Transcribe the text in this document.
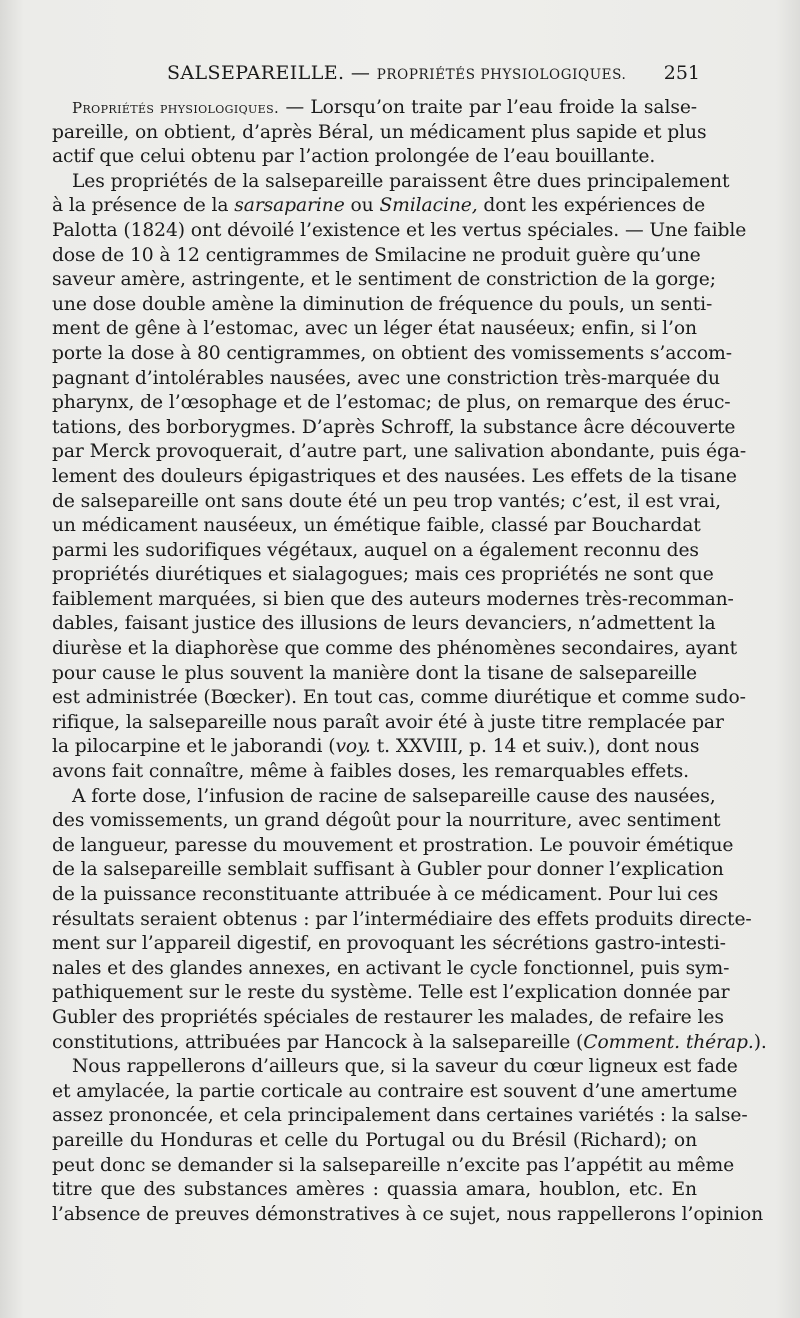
SALSEPAREILLE. — PROPRIÉTÉS PHYSIOLOGIQUES. 251
Propriétés physiologiques. — Lorsqu’on traite par l’eau froide la salse-
pareille, on obtient, d’après Béral, un médicament plus sapide et plus
actif que celui obtenu par l’action prolongée de l’eau bouillante.
Les propriétés de la salsepareille paraissent être dues principalement
à la présence de la sarsaparine ou Smilacine, dont les expériences de
Palotta (1824) ont dévoilé l’existence et les vertus spéciales. — Une faible
dose de 10 à 12 centigrammes de Smilacine ne produit guère qu’une
saveur amère, astringente, et le sentiment de constriction de la gorge;
une dose double amène la diminution de fréquence du pouls, un senti-
ment de gêne à l’estomac, avec un léger état nauséeux; enfin, si l’on
porte la dose à 80 centigrammes, on obtient des vomissements s’accom-
pagnant d’intolérables nausées, avec une constriction très-marquée du
pharynx, de l’œsophage et de l’estomac; de plus, on remarque des éruc-
tations, des borborygmes. D’après Schroff, la substance âcre découverte
par Merck provoquerait, d’autre part, une salivation abondante, puis éga-
lement des douleurs épigastriques et des nausées. Les effets de la tisane
de salsepareille ont sans doute été un peu trop vantés; c’est, il est vrai,
un médicament nauséeux, un émétique faible, classé par Bouchardat
parmi les sudorifiques végétaux, auquel on a également reconnu des
propriétés diurétiques et sialagogues; mais ces propriétés ne sont que
faiblement marquées, si bien que des auteurs modernes très-recomman-
dables, faisant justice des illusions de leurs devanciers, n’admettent la
diurèse et la diaphorèse que comme des phénomènes secondaires, ayant
pour cause le plus souvent la manière dont la tisane de salsepareille
est administrée (Bœcker). En tout cas, comme diurétique et comme sudo-
rifique, la salsepareille nous paraît avoir été à juste titre remplacée par
la pilocarpine et le jaborandi (voy. t. XXVIII, p. 14 et suiv.), dont nous
avons fait connaître, même à faibles doses, les remarquables effets.
A forte dose, l’infusion de racine de salsepareille cause des nausées,
des vomissements, un grand dégoût pour la nourriture, avec sentiment
de langueur, paresse du mouvement et prostration. Le pouvoir émétique
de la salsepareille semblait suffisant à Gubler pour donner l’explication
de la puissance reconstituante attribuée à ce médicament. Pour lui ces
résultats seraient obtenus : par l’intermédiaire des effets produits directe-
ment sur l’appareil digestif, en provoquant les sécrétions gastro-intesti-
nales et des glandes annexes, en activant le cycle fonctionnel, puis sym-
pathiquement sur le reste du système. Telle est l’explication donnée par
Gubler des propriétés spéciales de restaurer les malades, de refaire les
constitutions, attribuées par Hancock à la salsepareille (Comment. thérap.).
Nous rappellerons d’ailleurs que, si la saveur du cœur ligneux est fade
et amylacée, la partie corticale au contraire est souvent d’une amertume
assez prononcée, et cela principalement dans certaines variétés : la salse-
pareille du Honduras et celle du Portugal ou du Brésil (Richard); on
peut donc se demander si la salsepareille n’excite pas l’appétit au même
titre que des substances amères : quassia amara, houblon, etc. En
l’absence de preuves démonstratives à ce sujet, nous rappellerons l’opinion
